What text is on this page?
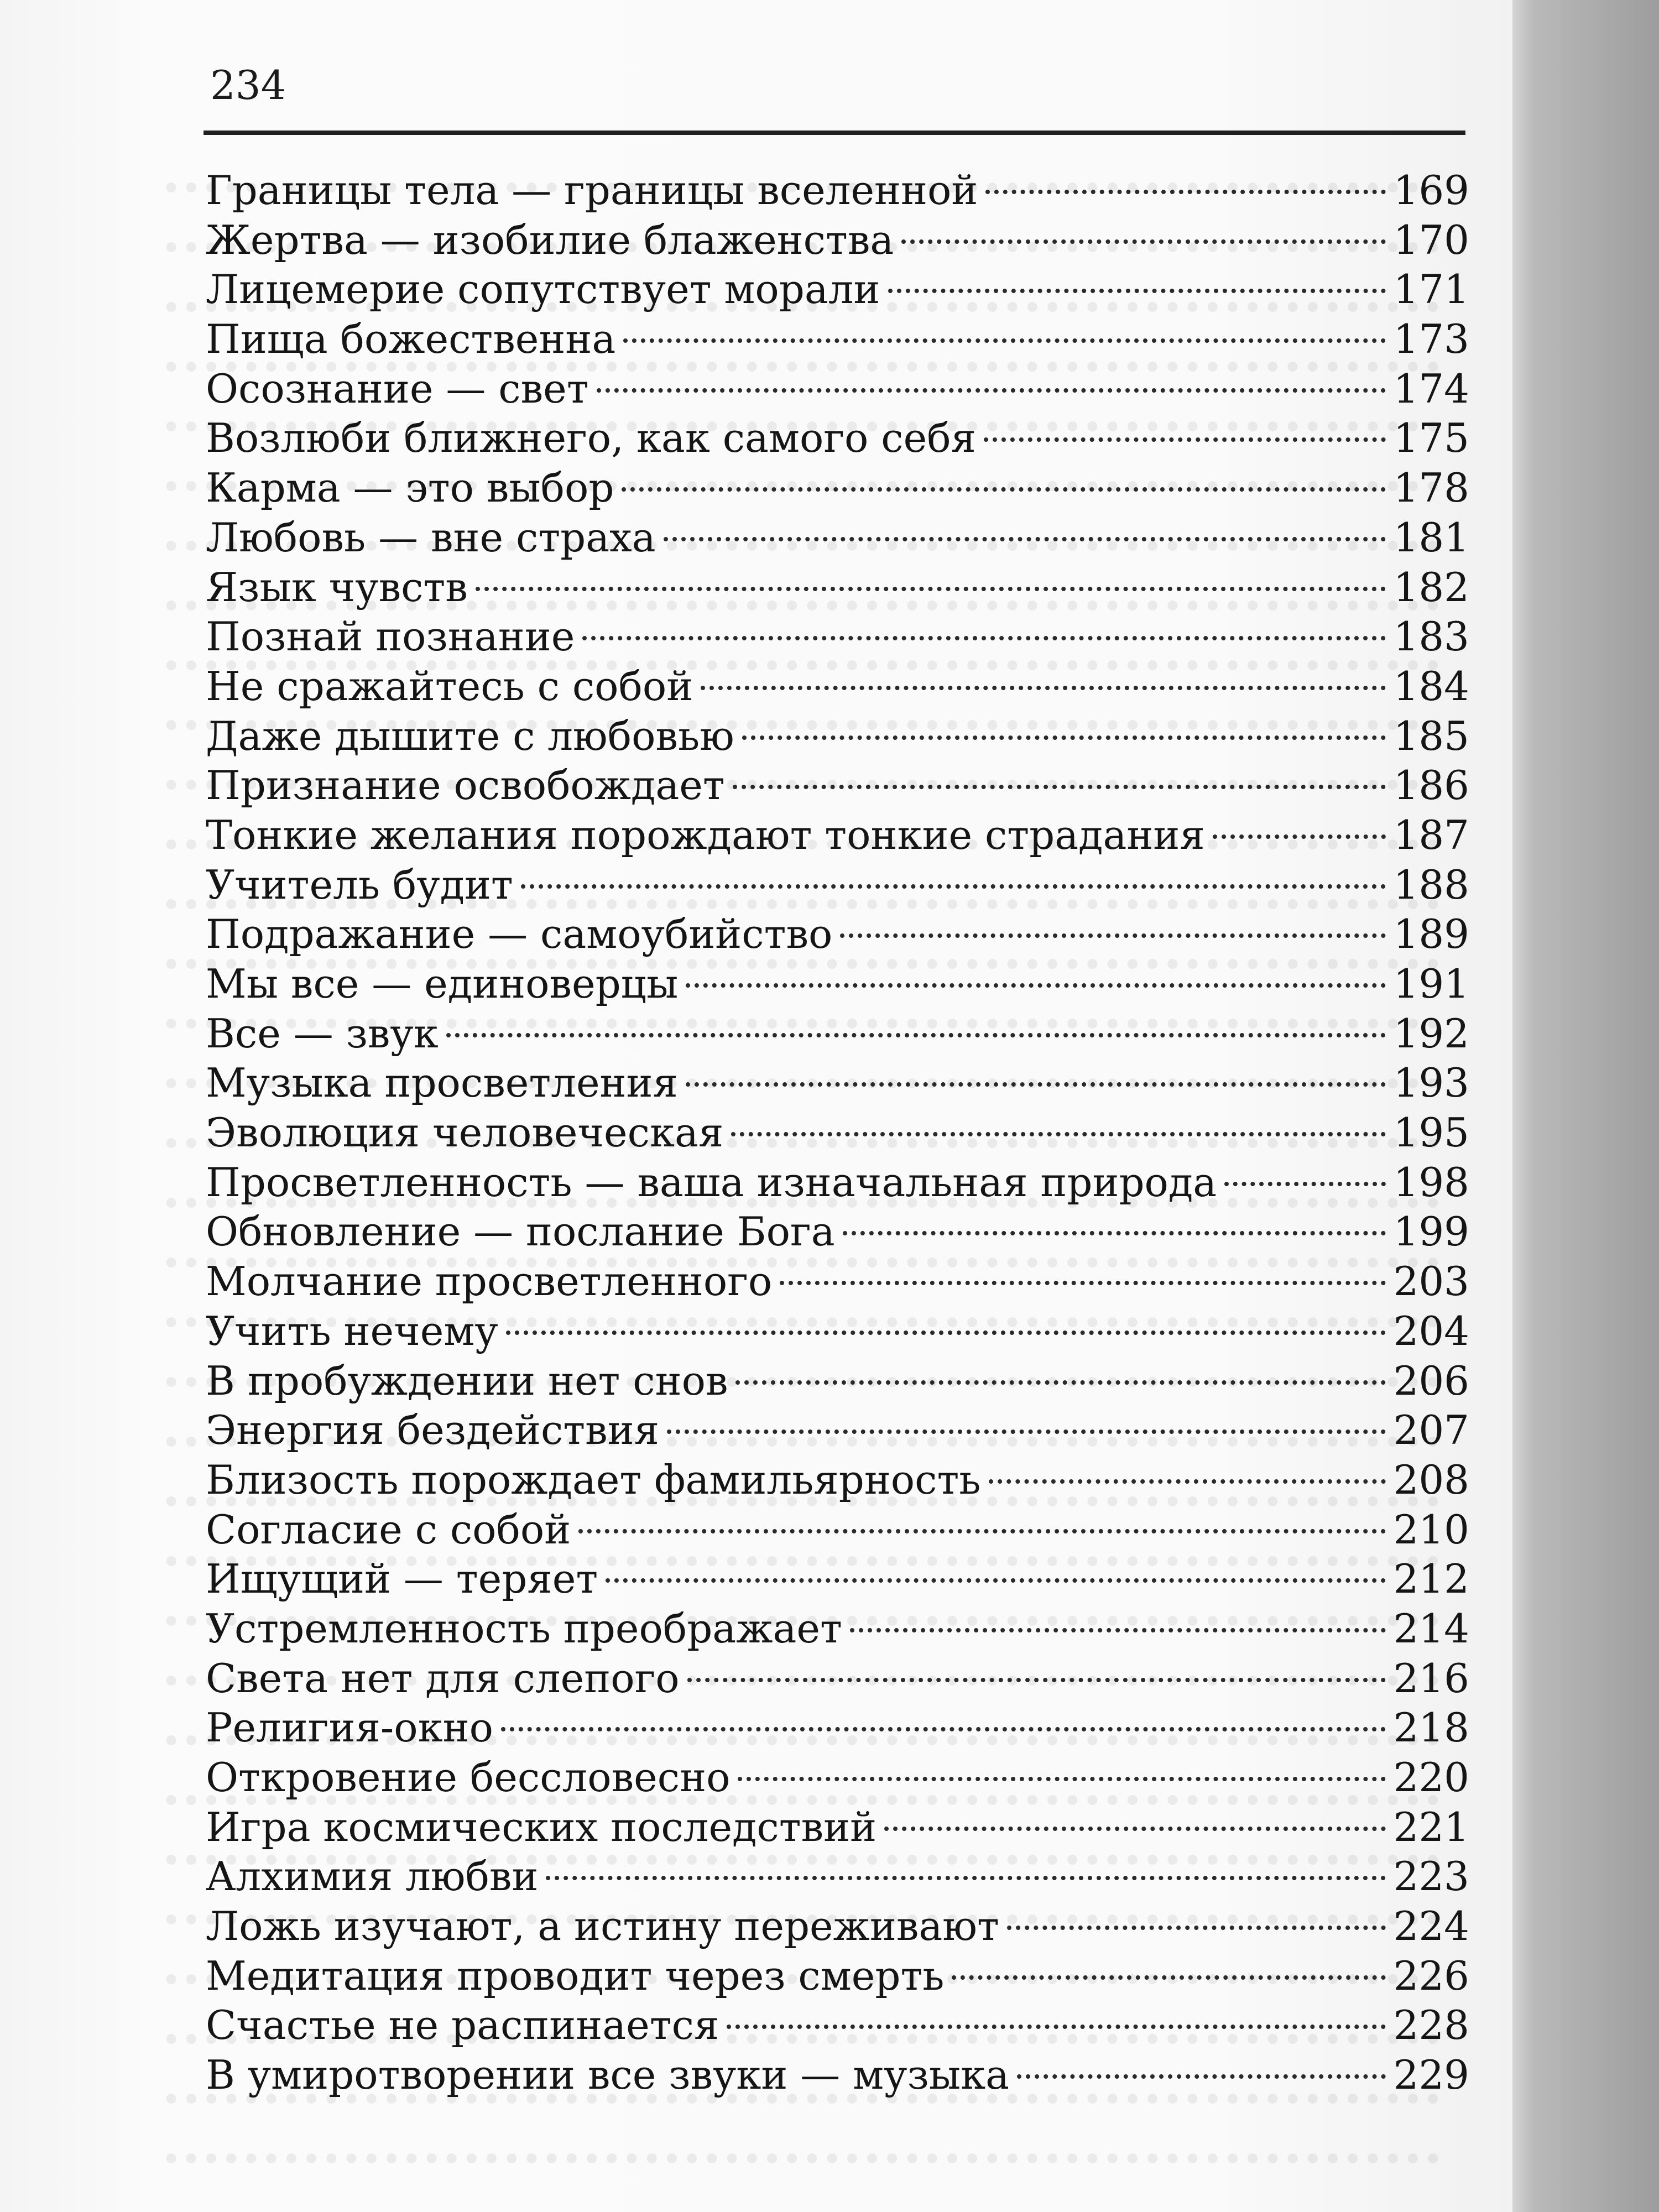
234
Границы тела — границы вселенной	169
Жертва — изобилие блаженства	170
Лицемерие сопутствует морали	171
Пища божественна	173
Осознание — свет	174
Возлюби ближнего, как самого себя	175
Карма — это выбор	178
Любовь — вне страха	181
Язык чувств	182
Познай познание	183
Не сражайтесь с собой	184
Даже дышите с любовью	185
Признание освобождает	186
Тонкие желания порождают тонкие страдания	187
Учитель будит	188
Подражание — самоубийство	189
Мы все — единоверцы	191
Все — звук	192
Музыка просветления	193
Эволюция человеческая	195
Просветленность — ваша изначальная природа	198
Обновление — послание Бога	199
Молчание просветленного	203
Учить нечему	204
В пробуждении нет снов	206
Энергия бездействия	207
Близость порождает фамильярность	208
Согласие с собой	210
Ищущий — теряет	212
Устремленность преображает	214
Света нет для слепого	216
Религия-окно	218
Откровение бессловесно	220
Игра космических последствий	221
Алхимия любви	223
Ложь изучают, а истину переживают	224
Медитация проводит через смерть	226
Счастье не распинается	228
В умиротворении все звуки — музыка	229
